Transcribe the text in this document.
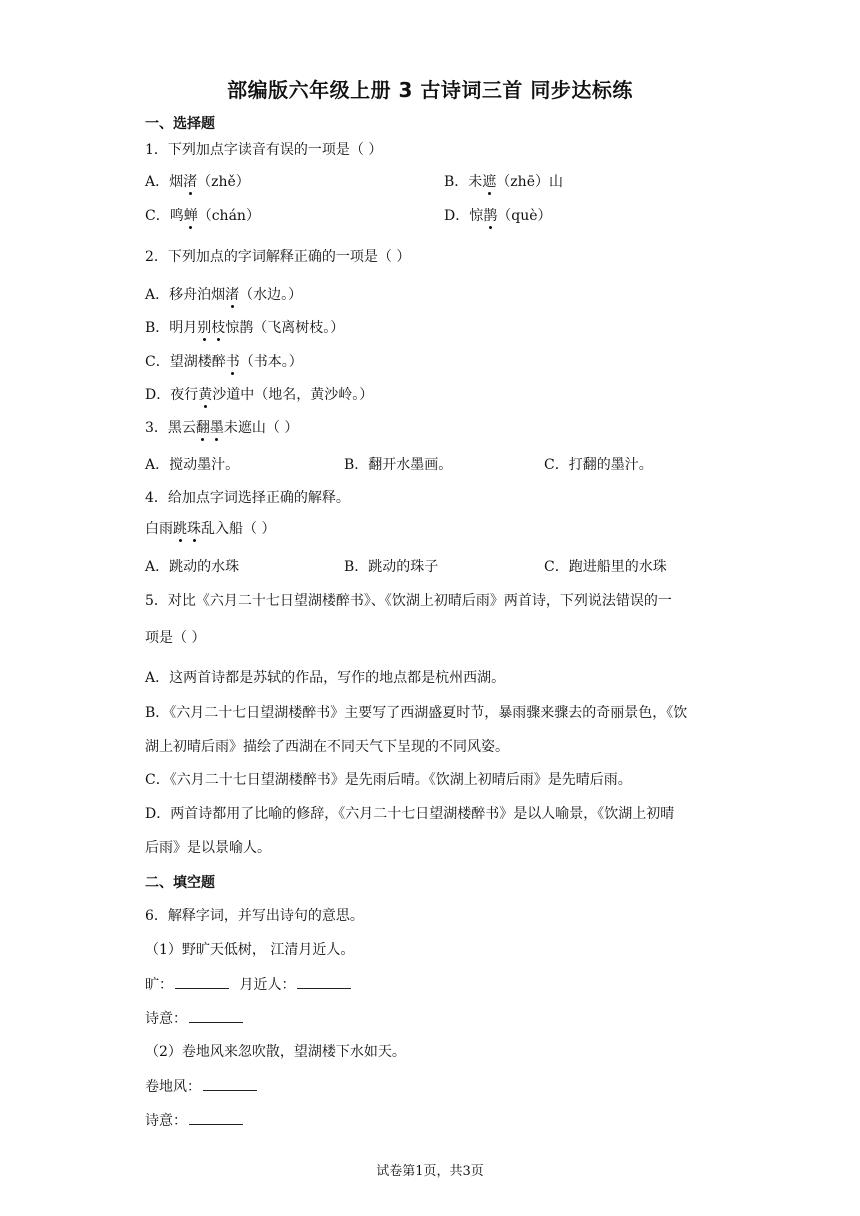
部编版六年级上册 3 古诗词三首 同步达标练
一、选择题
1．下列加点字读音有误的一项是（ ）
A．烟渚（zhě）	B．未遮（zhē）山
C．鸣蝉（chán）	D．惊鹊（què）
2．下列加点的字词解释正确的一项是（ ）
A．移舟泊烟渚（水边。）
B．明月别枝惊鹊（飞离树枝。）
C．望湖楼醉书（书本。）
D．夜行黄沙道中（地名，黄沙岭。）
3．黑云翻墨未遮山（ ）
A．搅动墨汁。	B．翻开水墨画。	C．打翻的墨汁。
4．给加点字词选择正确的解释。
白雨跳珠乱入船（ ）
A．跳动的水珠	B．跳动的珠子	C．跑进船里的水珠
5．对比《六月二十七日望湖楼醉书》、《饮湖上初晴后雨》两首诗，下列说法错误的一
项是（ ）
A．这两首诗都是苏轼的作品，写作的地点都是杭州西湖。
B．《六月二十七日望湖楼醉书》主要写了西湖盛夏时节，暴雨骤来骤去的奇丽景色，《饮
湖上初晴后雨》描绘了西湖在不同天气下呈现的不同风姿。
C．《六月二十七日望湖楼醉书》是先雨后晴。《饮湖上初晴后雨》是先晴后雨。
D．两首诗都用了比喻的修辞，《六月二十七日望湖楼醉书》是以人喻景，《饮湖上初晴
后雨》是以景喻人。
二、填空题
6．解释字词，并写出诗句的意思。
（1）野旷天低树， 江清月近人。
旷：	月近人：
诗意：
（2）卷地风来忽吹散，望湖楼下水如天。
卷地风：
诗意：
试卷第1页，共3页
